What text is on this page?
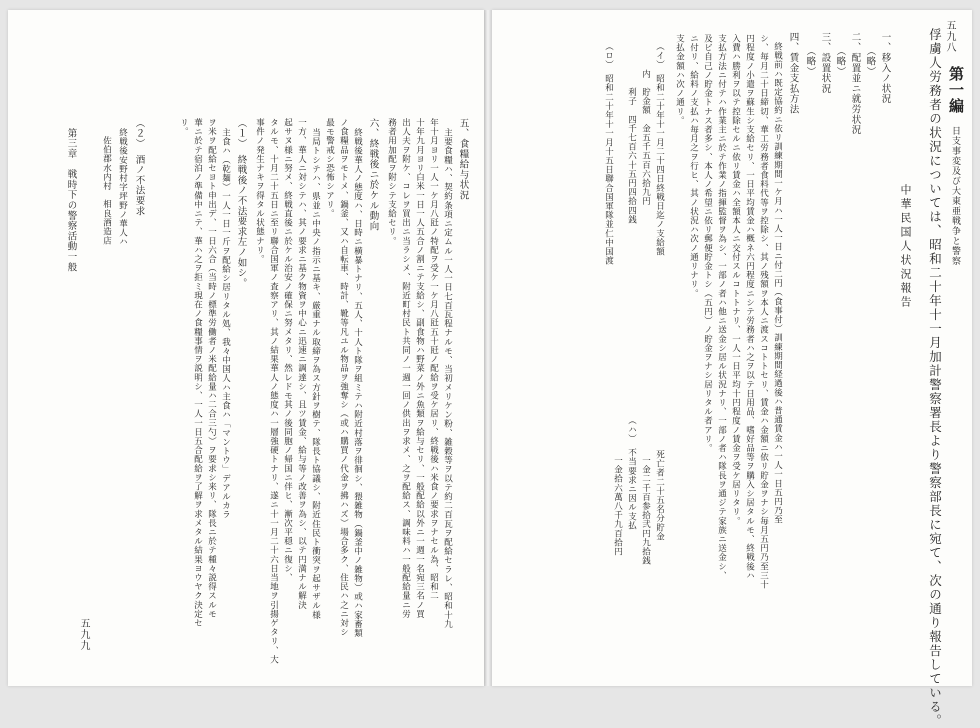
五九八
第一編
日支事変及び大東亜戦争と警察
俘虜人労務者の状況については、昭和二十年十一月加計警察署長より警察部長に宛て、次の通り報告している。
中華民国人状況報告
一、移入ノ状況
（略）
二、配置並ニ就労状況
（略）
三、設置状況
（略）
四、賃金支払方法
終戦前ハ既定協約ニ依リ訓練期間一ケ月ハ一人一日ニ付二円（食事付）訓練期間経過後ハ普通賃金ハ一人一日五円乃至
シ、毎月二十日締切、華工労務者食料代等ヲ控除シ、其ノ残額ヲ本人ニ渡スコトトセリ、賃金ハ金額ニ依リ貯金ヲナシ毎月五円乃至三十
円程度ノ小遣ヲ蘇生シ支給セリ、一日平均賃金ハ概ネ六円程度ニシテ労務者ハ之ヲ以テ日用品、嗜好品等ヲ購入シ居タルモ、終戦後ハ
入費ハ勝利ヲ以テ控除セルニ依リ賃金ハ全額本人ニ交付スルコトトナリ、一人一日平均十円程度ノ賃金ヲ受ケ居リタリ。
支払方法ニ付テハ作業主ニ於テ作業ノ指揮監督ヲ為シ、一部ノ者ハ他ニ送金シ居ル状況ナリ、一部ノ者ハ隊長ヲ通ジテ家族ニ送金シ、
及ビ自己ノ貯金トナス者多シ、本人ノ希望ニ依リ郵便貯金トシ（五円）ノ貯金ヲナシ居リタル者アリ。
ニ付リ、給料ノ支払ハ毎月之ヲ行ヒ、其ノ状況ハ次ノ通リナリ。
支払金額ハ次ノ通リ。
（イ）　昭和二十年十一月二十四日終戦日迄ノ支給額
　　　内　貯金額　金五千五百六拾九円
　　　　　利子　四千七百六十五円四拾四銭
（ロ）　昭和二十年十一月十五日聯合国軍隊並仁中国渡
死亡者二十五名分貯金
一金二千百参拾弐円九拾銭
（ハ）　不当要求ニ因ル支払
一金拾六萬八千九百拾円
五、食糧給与状況
主要食糧ハ、契約条項ニ定ムル一人一日七百瓦程ナルモ、当初メリケン粉、雑穀等ヲ以テ約二百瓦ヲ配給セラレ、昭和十九
年十月ヨリ一人一ケ月八瓩ノ特配ヲ受ケ一ケ月八瓩五十瓩ノ配給ヲ受ケ居リ、終戦後ハ米食ノ要求ヲナセル為、昭和二
十年九月ヨリ白米一日一人五合ノ割ニテ支給シ、副食物ハ野菜ノ外ニ魚類ヲ給与セリ、一般配給以外ニ一週一名宛三名ノ買
出人夫ヲ附ケ、コレヲ買出ニ当ラシメ、附近町村民ト共同ノ一週一回ノ供出ヲ求メ、之ヲ配給ス、調味料ハ一般配給量ニ労
務者用加配ヲ附シテ支給セリ。
六、終戦後ニ於ケル動向
終戦後華人ノ態度ハ、日時ニ横暴トナリ、五人、十人ト隊ヲ組ミテハ附近村落ヲ徘徊シ、猥雑物（鍋釜中ノ雑物）或ハ家畜類
ノ食糧品ヲモトメ、鍋釜、又ハ自転車、時計、靴等凡ユル物品ヲ強奪シ（或ハ購買ノ代金ヲ拂ハズ）場合多ク、住民ハ之ニ対シ
最モ警戒シ恐怖シアリ。
当局トシテハ、県並ニ中央ノ指示ニ基キ、厳重ナル取締ヲ為ス方針ヲ樹テ、隊長ト協議シ、附近住民ト衝突ヲ起サザル様
一方、華人ニ対シテハ、其ノ要求ニ基ク物資ヲ中心ニ迅速ニ調達シ、且ツ賃金、給与等ノ改善ヲ為シ、以テ円満ナル解決
起サヌ様ニ努メ、終戦直後ニ於ケル治安ノ確保ニ努メタリ、然レドモ其ノ後同胞ノ帰国ニ伴ヒ、漸次平穏ニ復シ、
タルモ、十月二十五日ニ至リ聯合国軍ノ査察アリ、其ノ結果華人ノ態度ハ一層強硬トナリ、遂ニ十一月二十六日当地ヲ引揚ゲタリ、大
事件ノ発生ナキヲ得タル状態ナリ。
（１）　終戦後ノ不法要求左ノ如シ。
主食ハ（乾麺）一人一日一斤ヲ配給シ居リタル処、我々中国人ハ主食ハ「マントウ」デアルカラ
ヲ米ヲ配給セヨト申出デ、一日六合（当時ノ標準労働者ノ米配給量ハ二合三勺）ヲ要求シ来リ、隊長ニ於テ種々説得スルモ
華ニ於テ宿泊ノ準備中ニテ、華ハ之ヲ拒ミ現在ノ食糧事情ヲ説明シ、一人一日五合配給ヲ了解ヲ求メタル結果ヨウヤク決定セ
リ。
（２）　酒ノ不法要求
終戦後安野村字坪野ノ華人ハ
佐伯郡水内村　相良酒造店
第三章　戦時下の警察活動一般
五九九
